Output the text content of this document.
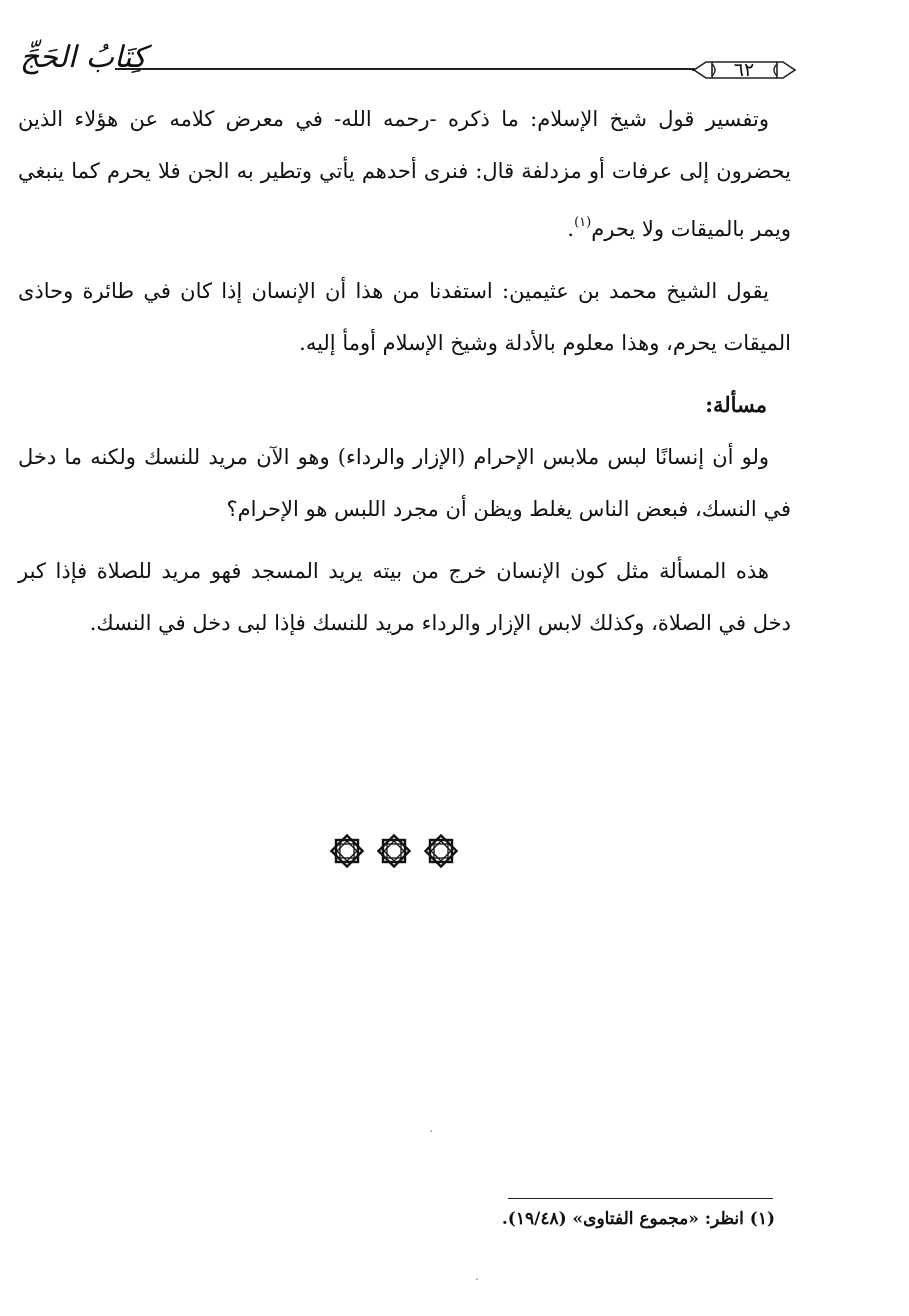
كِتَابُ الحَجِّ	٦٢
وتفسير قول شيخ الإسلام: ما ذكره -رحمه الله- في معرض كلامه عن هؤلاء الذين يحضرون إلى عرفات أو مزدلفة قال: فنرى أحدهم يأتي وتطير به الجن فلا يحرم كما ينبغي ويمر بالميقات ولا يحرم$^{(١)}$.
يقول الشيخ محمد بن عثيمين: استفدنا من هذا أن الإنسان إذا كان في طائرة وحاذى الميقات يحرم، وهذا معلوم بالأدلة وشيخ الإسلام أومأ إليه.
مسألة:
ولو أن إنسانًا لبس ملابس الإحرام (الإزار والرداء) وهو الآن مريد للنسك ولكنه ما دخل في النسك، فبعض الناس يغلط ويظن أن مجرد اللبس هو الإحرام؟
هذه المسألة مثل كون الإنسان خرج من بيته يريد المسجد فهو مريد للصلاة فإذا كبر دخل في الصلاة، وكذلك لابس الإزار والرداء مريد للنسك فإذا لبى دخل في النسك.
(١) انظر: «مجموع الفتاوى» (١٩/٤٨).
